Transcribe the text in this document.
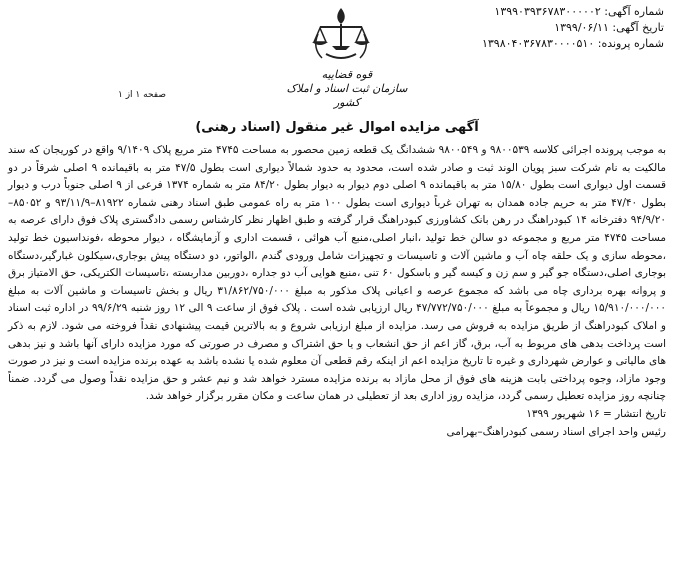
شماره آگهی: ۱۳۹۹۰۳۹۳۶۷۸۳۰۰۰۰۰۲
تاریخ آگهی: ۱۳۹۹/۰۶/۱۱
شماره پرونده: ۱۳۹۸۰۴۰۳۶۷۸۳۰۰۰۰۵۱۰
قوه قضاییه
سازمان ثبت اسناد و املاک کشور
صفحه ۱ از ۱
آگهی مزایده اموال غیر منقول (اسناد رهنی)

به موجب پرونده اجرائی کلاسه ۹۸۰۰۵۳۹ و ۹۸۰۰۵۴۹ ششدانگ یک قطعه زمین محصور به مساحت ۴۷۴۵ متر مربع پلاک ۹/۱۴۰۹ واقع در کوریجان که سند مالکیت به نام شرکت سبز پویان الوند ثبت و صادر شده است، محدود به حدود شمالاً دیواری است بطول ۴۷/۵ متر به باقیمانده ۹ اصلی شرقاً در دو قسمت اول دیواری است بطول ۱۵/۸۰ متر به باقیمانده ۹ اصلی دوم دیوار به دیوار بطول ۸۴/۲۰ متر به شماره ۱۳۷۴ فرعی از ۹ اصلی جنوباً درب و دیوار بطول ۴۷/۴۰ متر به حریم جاده همدان به تهران غرباً دیواری است بطول ۱۰۰ متر به راه عمومی طبق اسناد رهنی شماره ۸۱۹۲۲–۹۳/۱۱/۹ و ۸۵۰۵۲–۹۴/۹/۲۰ دفترخانه ۱۴ کبودراهنگ در رهن بانک کشاورزی کبودراهنگ قرار گرفته و طبق اظهار نظر کارشناس رسمی دادگستری پلاک فوق دارای عرصه به مساحت ۴۷۴۵ متر مربع و مجموعه دو سالن خط تولید ،انبار اصلی،منبع آب هوائی ، قسمت اداری و آزمایشگاه ، دیوار محوطه ،فونداسیون خط تولید ،محوطه سازی و یک حلقه چاه آب و ماشین آلات و تاسیسات و تجهیزات شامل ورودی گندم ،الواتور، دو دستگاه پیش بوجاری،سیکلون غبارگیر،دستگاه بوجاری اصلی،دستگاه جو گیر و سم زن و کیسه گیر و باسکول ۶۰ تنی ،منبع هوایی آب دو جداره ،دوربین مداربسته ،تاسیسات الکتریکی، حق الامتیاز برق و پروانه بهره برداری چاه می باشد که مجموع عرصه و اعیانی پلاک مذکور به مبلغ ۳۱/۸۶۲/۷۵۰/۰۰۰ ریال و بخش تاسیسات و ماشین آلات به مبلغ ۱۵/۹۱۰/۰۰۰/۰۰۰ ریال و مجموعاً به مبلغ ۴۷/۷۷۲/۷۵۰/۰۰۰ ریال ارزیابی شده است . پلاک فوق از ساعت ۹ الی ۱۲ روز شنبه ۹۹/۶/۲۹ در اداره ثبت اسناد و املاک کبودراهنگ از طریق مزایده به فروش می رسد. مزایده از مبلغ ارزیابی شروع و به بالاترین قیمت پیشنهادی نقداً فروخته می شود. لازم به ذکر است پرداخت بدهی های مربوط به آب، برق، گاز اعم از حق انشعاب و یا حق اشتراک و مصرف در صورتی که مورد مزایده دارای آنها باشد و نیز بدهی های مالیاتی و عوارض شهرداری و غیره تا تاریخ مزایده اعم از اینکه رقم قطعی آن معلوم شده یا نشده باشد به عهده برنده مزایده است و نیز در صورت وجود مازاد، وجوه پرداختی بابت هزینه های فوق از محل مازاد به برنده مزایده مسترد خواهد شد و نیم عشر و حق مزایده نقداً وصول می گردد. ضمناً چنانچه روز مزایده تعطیل رسمی گردد، مزایده روز اداری بعد از تعطیلی در همان ساعت و مکان مقرر برگزار خواهد شد.

تاریخ انتشار = ۱۶ شهریور ۱۳۹۹

رئیس واحد اجرای اسناد رسمی کبودراهنگ–بهرامی
